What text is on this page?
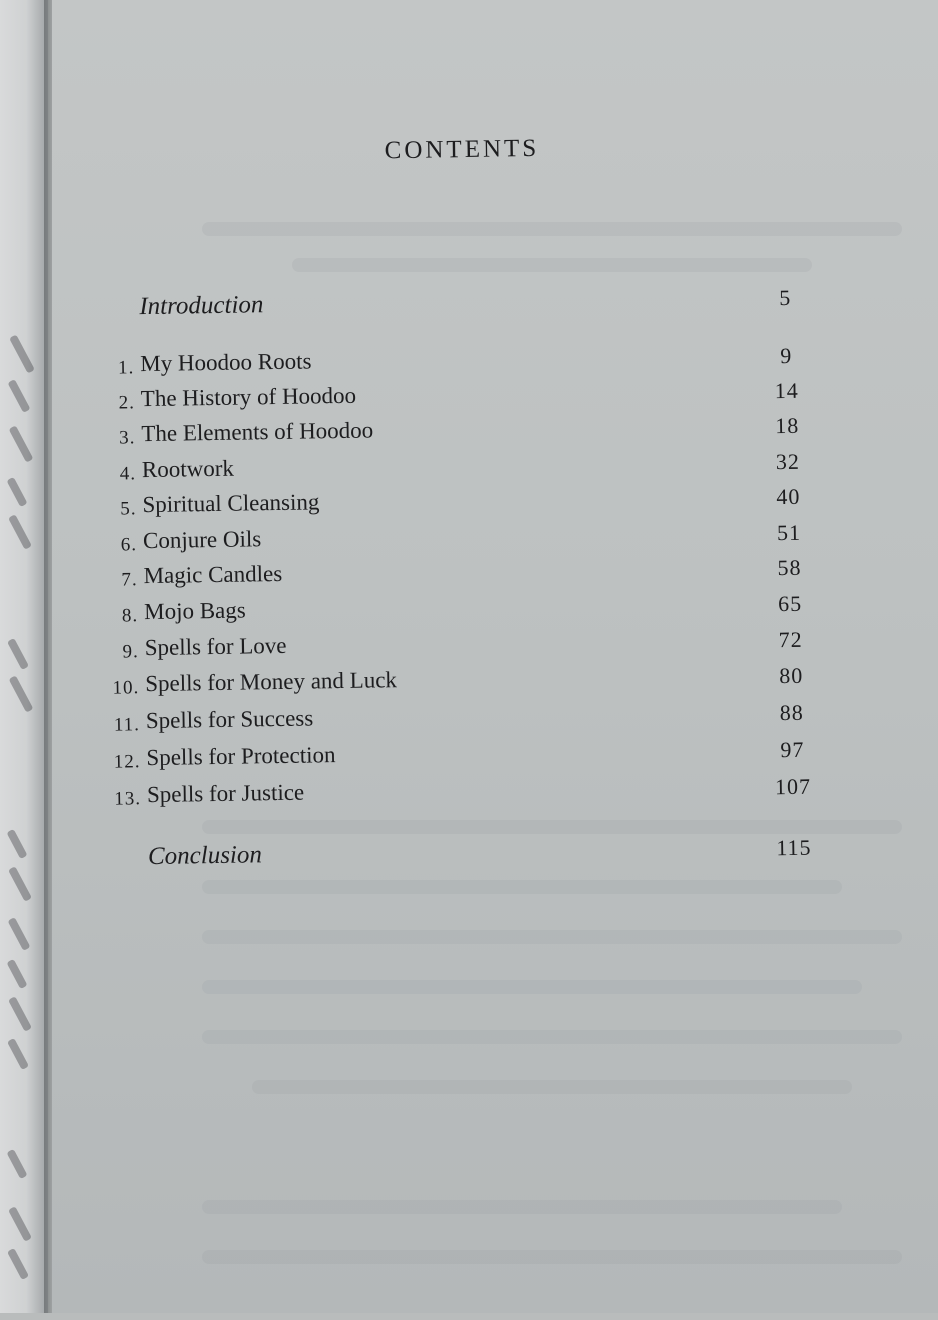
CONTENTS
Introduction	5
1. My Hoodoo Roots	9
2. The History of Hoodoo	14
3. The Elements of Hoodoo	18
4. Rootwork	32
5. Spiritual Cleansing	40
6. Conjure Oils	51
7. Magic Candles	58
8. Mojo Bags	65
9. Spells for Love	72
10. Spells for Money and Luck	80
11. Spells for Success	88
12. Spells for Protection	97
13. Spells for Justice	107
Conclusion	115
